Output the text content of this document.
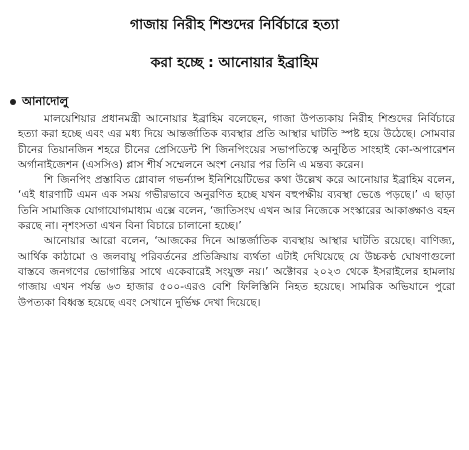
গাজায় নিরীহ শিশুদের নির্বিচারে হত্যা
করা হচ্ছে : আনোয়ার ইব্রাহিম
আনাদোলু

মালয়েশিয়ার প্রধানমন্ত্রী আনোয়ার ইব্রাহিম বলেছেন, গাজা উপত্যকায় নিরীহ শিশুদের নির্বিচারে হত্যা করা হচ্ছে এবং এর মধ্য দিয়ে আন্তর্জাতিক ব্যবস্থার প্রতি আস্থার ঘাটতি স্পষ্ট হয়ে উঠেছে। সোমবার চীনের তিয়ানজিন শহরে চীনের প্রেসিডেন্ট শি জিনপিংয়ের সভাপতিত্বে অনুষ্ঠিত সাংহাই কো-অপারেশন অর্গানাইজেশন (এসসিও) প্লাস শীর্ষ সম্মেলনে অংশ নেয়ার পর তিনি এ মন্তব্য করেন।

শি জিনপিং প্রস্তাবিত গ্লোবাল গভর্ন্যান্স ইনিশিয়েটিভের কথা উল্লেখ করে আনোয়ার ইব্রাহিম বলেন, ‘এই ধারণাটি এমন এক সময় গভীরভাবে অনুরণিত হচ্ছে যখন বহুপক্ষীয় ব্যবস্থা ভেঙে পড়ছে।’ এ ছাড়া তিনি সামাজিক যোগাযোগমাধ্যম এক্সে বলেন, ‘জাতিসংঘ এখন আর নিজেকে সংস্কারের আকাঙ্ক্ষাও বহন করছে না। নৃশংসতা এখন বিনা বিচারে চালানো হচ্ছে।’

আনোয়ার আরো বলেন, ‘আজকের দিনে আন্তর্জাতিক ব্যবস্থায় আস্থার ঘাটতি রয়েছে। বাণিজ্য, আর্থিক কাঠামো ও জলবায়ু পরিবর্তনের প্রতিক্রিয়ায় ব্যর্থতা এটাই দেখিয়েছে যে উচ্চকণ্ঠ ঘোষণাগুলো বাস্তবে জনগণের ভোগান্তির সাথে একেবারেই সংযুক্ত নয়।’ অক্টোবর ২০২৩ থেকে ইসরাইলের হামলায় গাজায় এখন পর্যন্ত ৬৩ হাজার ৫০০-এরও বেশি ফিলিস্তিনি নিহত হয়েছে। সামরিক অভিযানে পুরো উপত্যকা বিধ্বস্ত হয়েছে এবং সেখানে দুর্ভিক্ষ দেখা দিয়েছে।
